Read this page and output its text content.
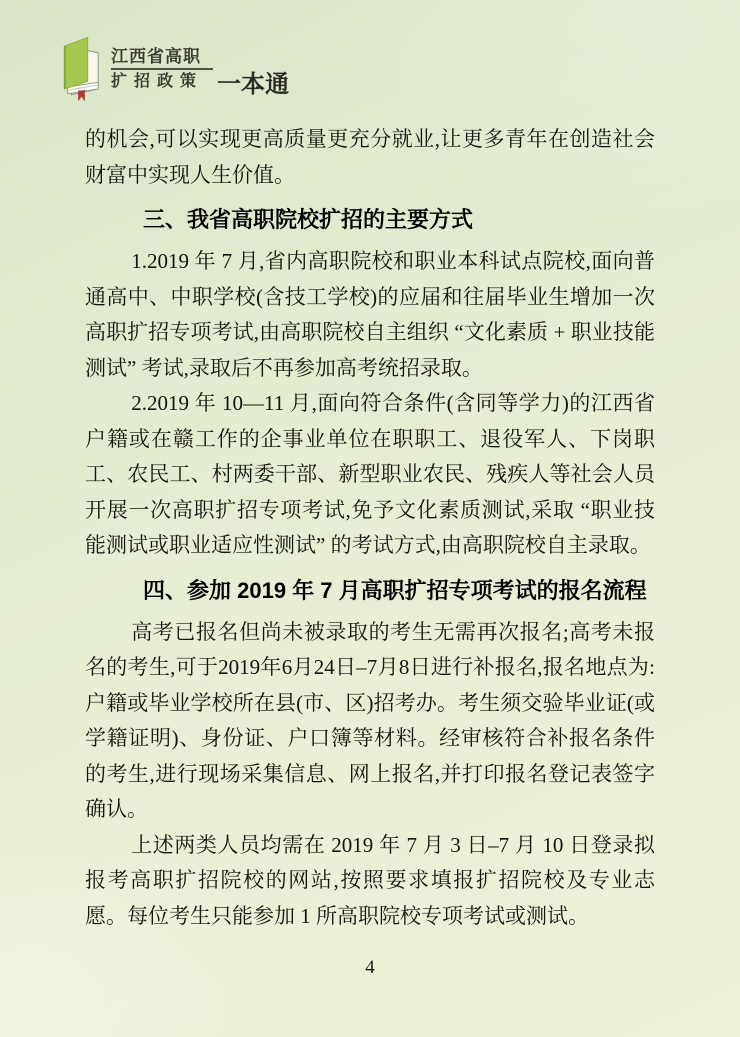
江西省高职
扩招政策 一本通

的机会,可以实现更高质量更充分就业,让更多青年在创造社会财富中实现人生价值。

三、我省高职院校扩招的主要方式

1.2019 年 7 月,省内高职院校和职业本科试点院校,面向普通高中、中职学校(含技工学校)的应届和往届毕业生增加一次高职扩招专项考试,由高职院校自主组织 “文化素质 + 职业技能测试” 考试,录取后不再参加高考统招录取。

2.2019 年 10—11 月,面向符合条件(含同等学力)的江西省户籍或在赣工作的企事业单位在职职工、退役军人、下岗职工、农民工、村两委干部、新型职业农民、残疾人等社会人员开展一次高职扩招专项考试,免予文化素质测试,采取 “职业技能测试或职业适应性测试” 的考试方式,由高职院校自主录取。

四、参加 2019 年 7 月高职扩招专项考试的报名流程

高考已报名但尚未被录取的考生无需再次报名;高考未报名的考生,可于2019年6月24日–7月8日进行补报名,报名地点为:户籍或毕业学校所在县(市、区)招考办。考生须交验毕业证(或学籍证明)、身份证、户口簿等材料。经审核符合补报名条件的考生,进行现场采集信息、网上报名,并打印报名登记表签字确认。

上述两类人员均需在 2019 年 7 月 3 日–7 月 10 日登录拟报考高职扩招院校的网站,按照要求填报扩招院校及专业志愿。每位考生只能参加 1 所高职院校专项考试或测试。

4
